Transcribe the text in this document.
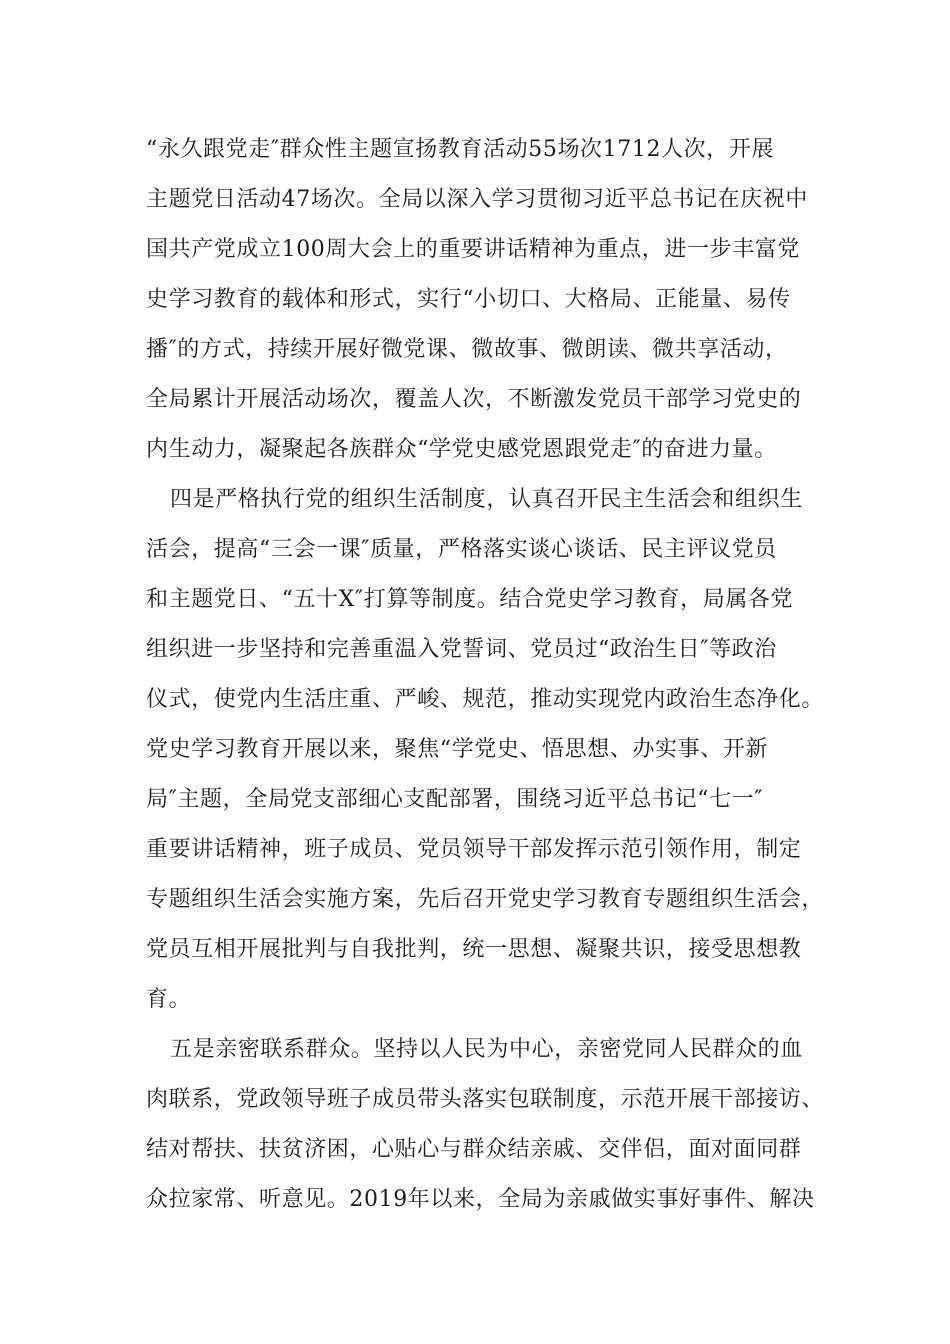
“永久跟党走″群众性主题宣扬教育活动55场次1712人次，开展
主题党日活动47场次。全局以深入学习贯彻习近平总书记在庆祝中
国共产党成立100周大会上的重要讲话精神为重点，进一步丰富党
史学习教育的载体和形式，实行“小切口、大格局、正能量、易传
播″的方式，持续开展好微党课、微故事、微朗读、微共享活动，
全局累计开展活动场次，覆盖人次，不断激发党员干部学习党史的
内生动力，凝聚起各族群众“学党史感党恩跟党走″的奋进力量。
四是严格执行党的组织生活制度，认真召开民主生活会和组织生
活会，提高“三会一课″质量，严格落实谈心谈话、民主评议党员
和主题党日、“五十X″打算等制度。结合党史学习教育，局属各党
组织进一步坚持和完善重温入党誓词、党员过“政治生日″等政治
仪式，使党内生活庄重、严峻、规范，推动实现党内政治生态净化。
党史学习教育开展以来，聚焦“学党史、悟思想、办实事、开新
局″主题，全局党支部细心支配部署，围绕习近平总书记“七一″
重要讲话精神，班子成员、党员领导干部发挥示范引领作用，制定
专题组织生活会实施方案，先后召开党史学习教育专题组织生活会，
党员互相开展批判与自我批判，统一思想、凝聚共识，接受思想教
育。
五是亲密联系群众。坚持以人民为中心，亲密党同人民群众的血
肉联系，党政领导班子成员带头落实包联制度，示范开展干部接访、
结对帮扶、扶贫济困，心贴心与群众结亲戚、交伴侣，面对面同群
众拉家常、听意见。2019年以来，全局为亲戚做实事好事件、解决
